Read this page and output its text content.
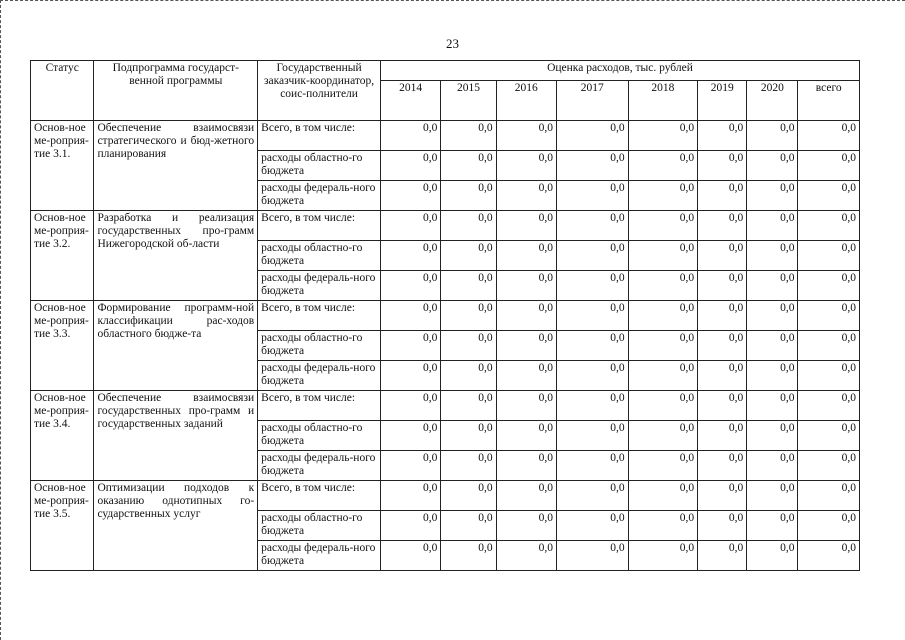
23
Статус	Подпрограмма государст-венной программы	Государственный заказчик-координатор, соис-полнители	Оценка расходов, тыс. рублей							
			2014	2015	2016	2017	2018	2019	2020	всего
Основ-ное ме-роприя-тие 3.1.	Обеспечение взаимосвязи стратегического и бюд-жетного планирования	Всего, в том числе:	0,0	0,0	0,0	0,0	0,0	0,0	0,0	0,0
		расходы областно-го бюджета	0,0	0,0	0,0	0,0	0,0	0,0	0,0	0,0
		расходы федераль-ного бюджета	0,0	0,0	0,0	0,0	0,0	0,0	0,0	0,0
Основ-ное ме-роприя-тие 3.2.	Разработка и реализация государственных про-грамм Нижегородской об-ласти	Всего, в том числе:	0,0	0,0	0,0	0,0	0,0	0,0	0,0	0,0
		расходы областно-го бюджета	0,0	0,0	0,0	0,0	0,0	0,0	0,0	0,0
		расходы федераль-ного бюджета	0,0	0,0	0,0	0,0	0,0	0,0	0,0	0,0
Основ-ное ме-роприя-тие 3.3.	Формирование программ-ной классификации рас-ходов областного бюдже-та	Всего, в том числе:	0,0	0,0	0,0	0,0	0,0	0,0	0,0	0,0
		расходы областно-го бюджета	0,0	0,0	0,0	0,0	0,0	0,0	0,0	0,0
		расходы федераль-ного бюджета	0,0	0,0	0,0	0,0	0,0	0,0	0,0	0,0
Основ-ное ме-роприя-тие 3.4.	Обеспечение взаимосвязи государственных про-грамм и государственных заданий	Всего, в том числе:	0,0	0,0	0,0	0,0	0,0	0,0	0,0	0,0
		расходы областно-го бюджета	0,0	0,0	0,0	0,0	0,0	0,0	0,0	0,0
		расходы федераль-ного бюджета	0,0	0,0	0,0	0,0	0,0	0,0	0,0	0,0
Основ-ное ме-роприя-тие 3.5.	Оптимизации подходов к оказанию однотипных го-сударственных услуг	Всего, в том числе:	0,0	0,0	0,0	0,0	0,0	0,0	0,0	0,0
		расходы областно-го бюджета	0,0	0,0	0,0	0,0	0,0	0,0	0,0	0,0
		расходы федераль-ного бюджета	0,0	0,0	0,0	0,0	0,0	0,0	0,0	0,0
